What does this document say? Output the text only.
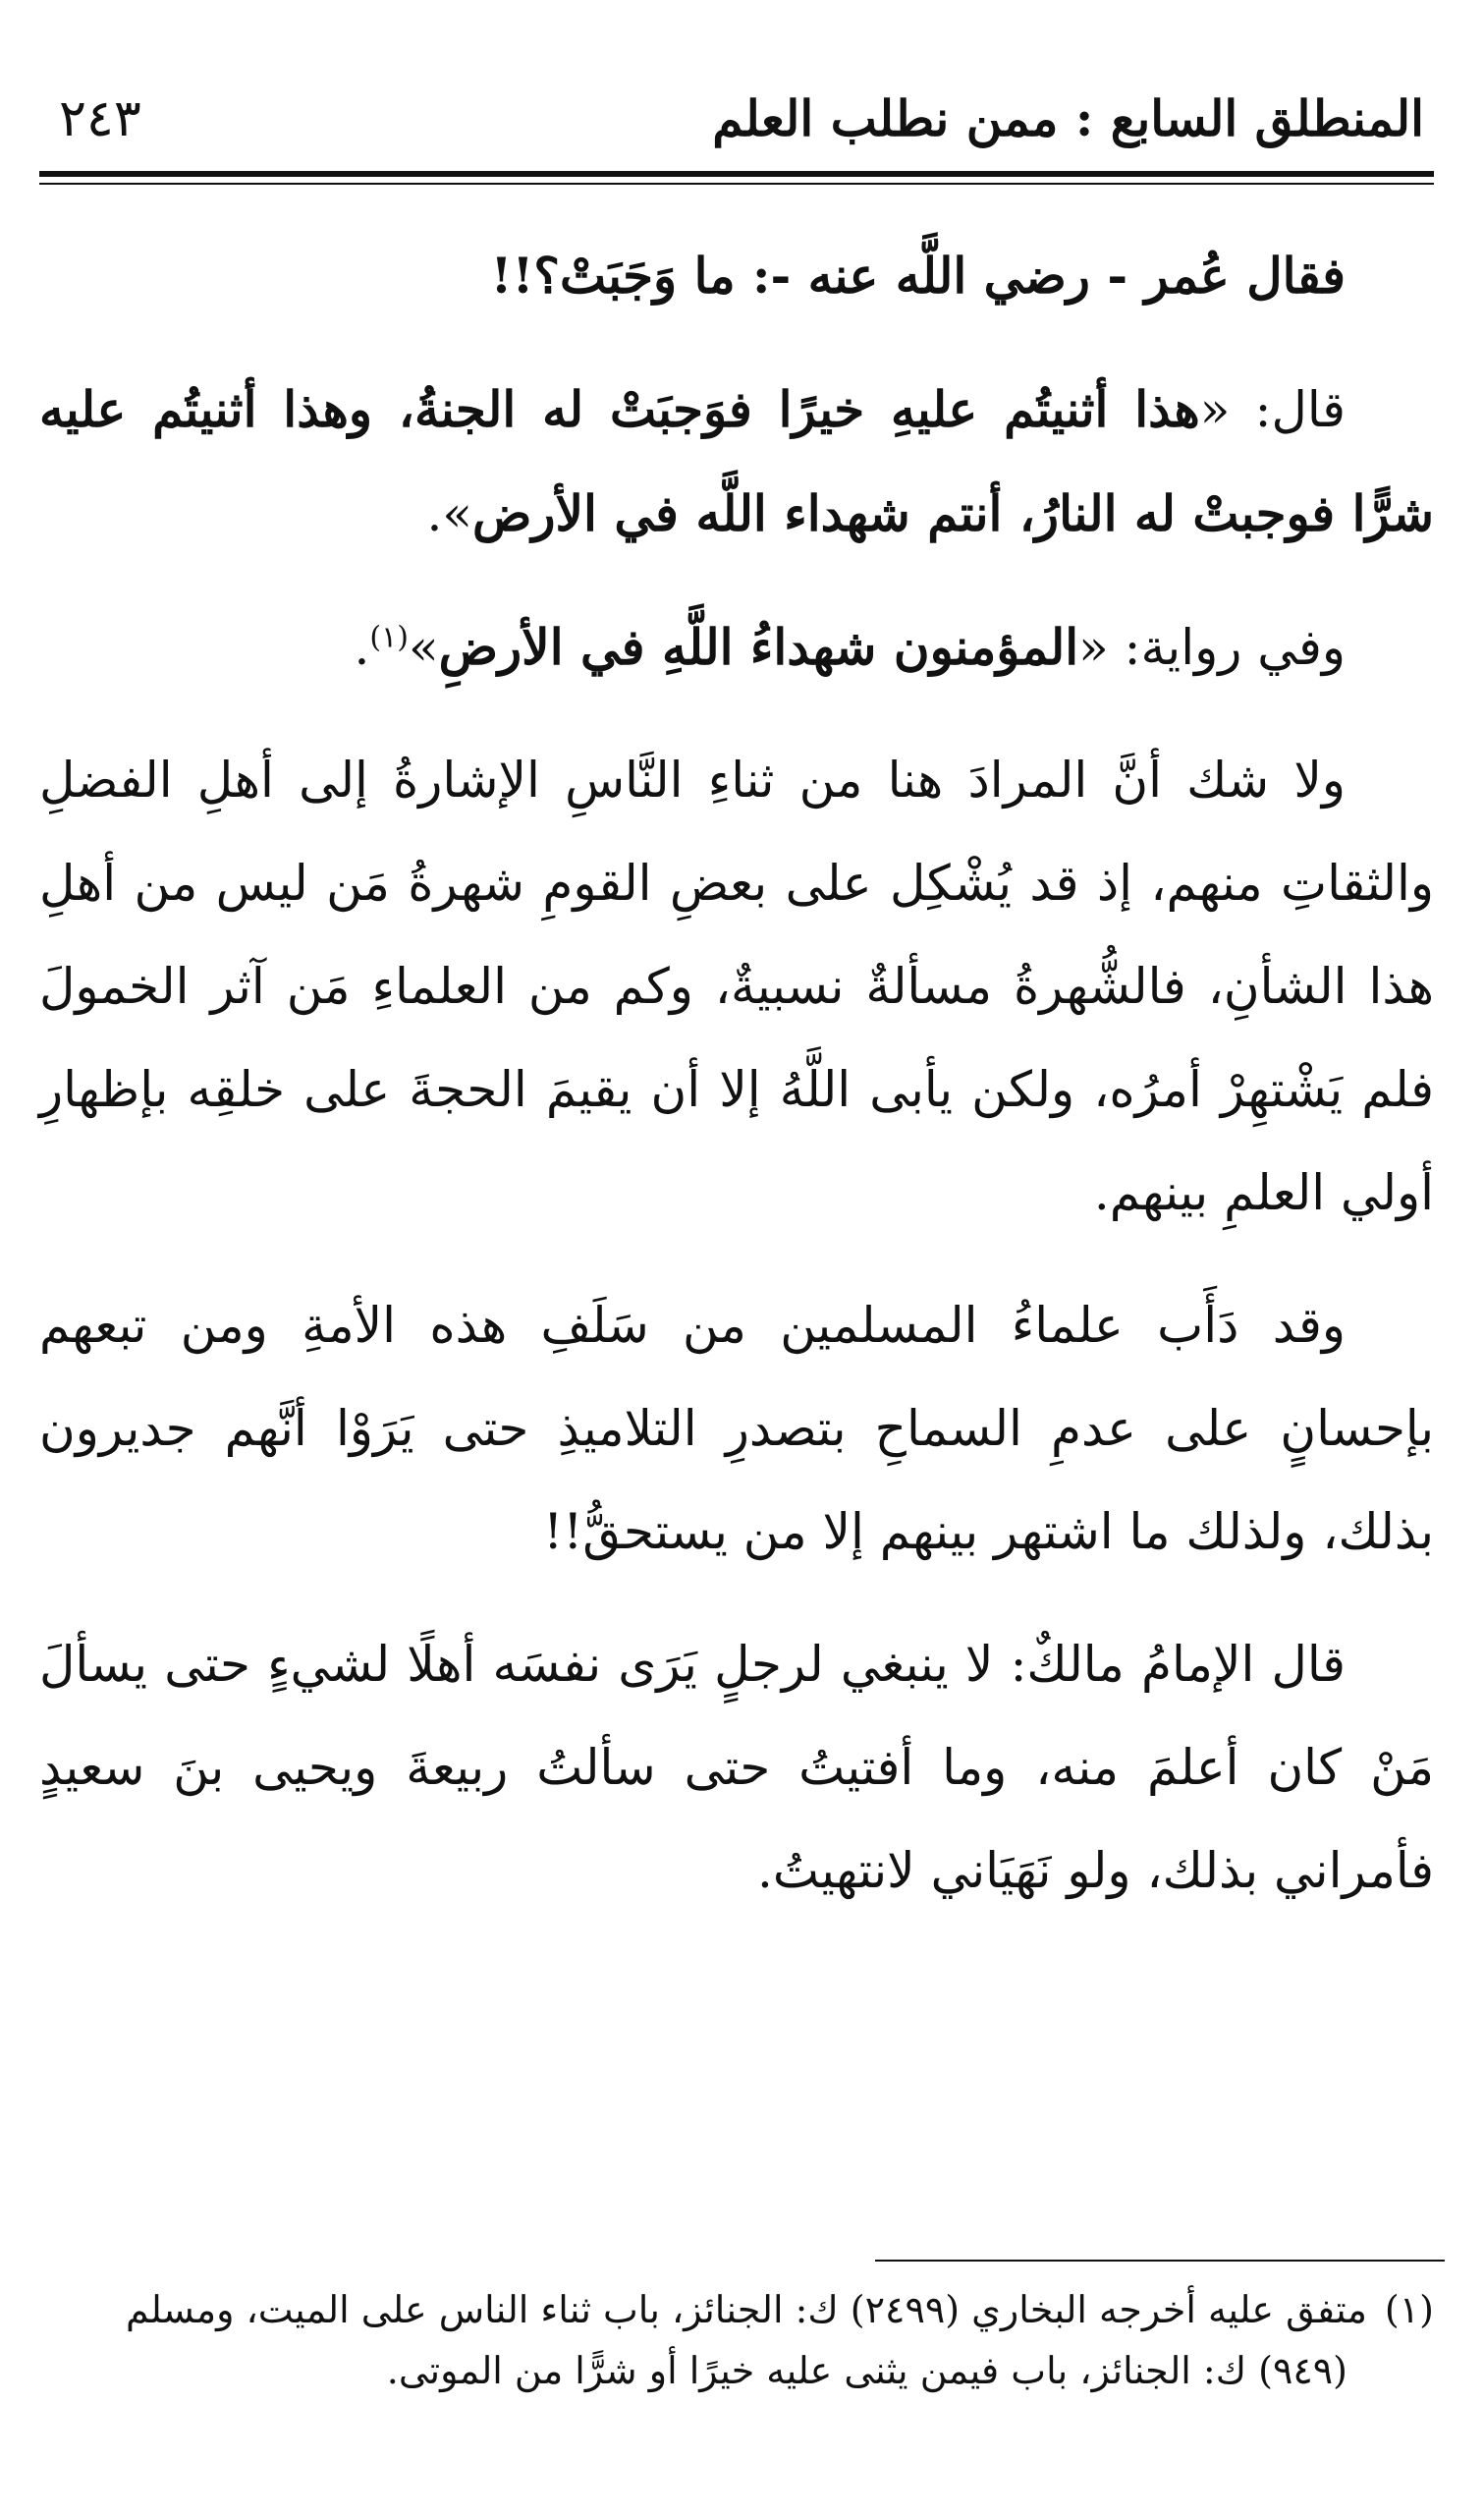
المنطلق السابع : ممن نطلب العلم
٢٤٣

فقال عُمر - رضي اللَّه عنه -: ما وَجَبَتْ؟!!

قال: «هذا أثنيتُم عليهِ خيرًا فوَجبَتْ له الجنةُ، وهذا أثنيتُم عليه شرًّا فوجبتْ له النارُ، أنتم شهداء اللَّه في الأرض».

وفي رواية: «المؤمنون شهداءُ اللَّهِ في الأرضِ»$^{(١)}$.

ولا شك أنَّ المرادَ هنا من ثناءِ النَّاسِ الإشارةُ إلى أهلِ الفضلِ والثقاتِ منهم، إذ قد يُشْكِل على بعضِ القومِ شهرةُ مَن ليس من أهلِ هذا الشأنِ، فالشُّهرةُ مسألةٌ نسبيةٌ، وكم من العلماءِ مَن آثر الخمولَ فلم يَشْتهِرْ أمرُه، ولكن يأبى اللَّهُ إلا أن يقيمَ الحجةَ على خلقِه بإظهارِ أولي العلمِ بينهم.

وقد دَأَب علماءُ المسلمين من سَلَفِ هذه الأمةِ ومن تبعهم بإحسانٍ على عدمِ السماحِ بتصدرِ التلاميذِ حتى يَرَوْا أنَّهم جديرون بذلك، ولذلك ما اشتهر بينهم إلا من يستحقُّ!!

قال الإمامُ مالكٌ: لا ينبغي لرجلٍ يَرَى نفسَه أهلًا لشيءٍ حتى يسألَ مَنْ كان أعلمَ منه، وما أفتيتُ حتى سألتُ ربيعةَ ويحيى بنَ سعيدٍ فأمراني بذلك، ولو نَهَيَاني لانتهيتُ.

(١)متفق عليه أخرجه البخاري (٢٤٩٩) ك: الجنائز، باب ثناء الناس على الميت، ومسلم
(٩٤٩) ك: الجنائز، باب فيمن يثنى عليه خيرًا أو شرًّا من الموتى.
